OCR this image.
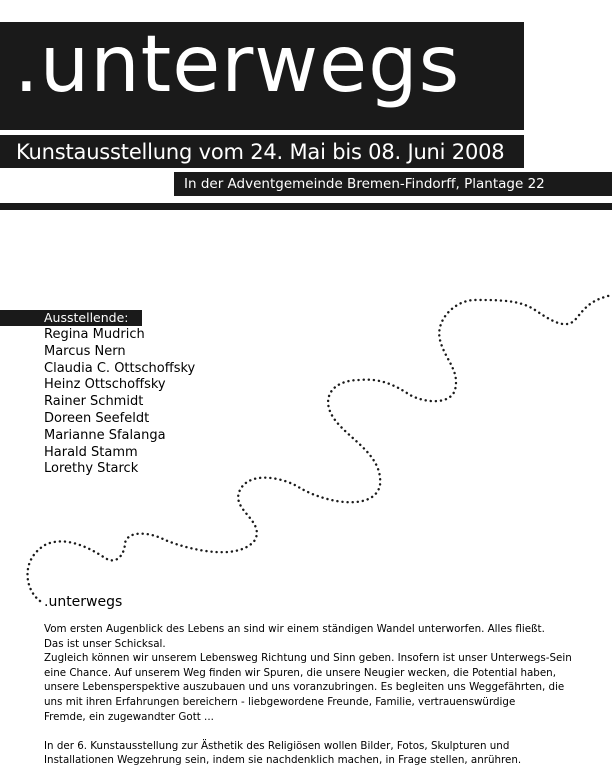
.unterwegs
Kunstausstellung vom 24. Mai bis 08. Juni 2008
In der Adventgemeinde Bremen-Findorff, Plantage 22
Ausstellende:
Regina Mudrich
Marcus Nern
Claudia C. Ottschoffsky
Heinz Ottschoffsky
Rainer Schmidt
Doreen Seefeldt
Marianne Sfalanga
Harald Stamm
Lorethy Starck
.unterwegs

Vom ersten Augenblick des Lebens an sind wir einem ständigen Wandel unterworfen. Alles fließt.

Das ist unser Schicksal.

Zugleich können wir unserem Lebensweg Richtung und Sinn geben. Insofern ist unser Unterwegs-Sein

eine Chance. Auf unserem Weg finden wir Spuren, die unsere Neugier wecken, die Potential haben,

unsere Lebensperspektive auszubauen und uns voranzubringen. Es begleiten uns Weggefährten, die

uns mit ihren Erfahrungen bereichern - liebgewordene Freunde, Familie, vertrauenswürdige

Fremde, ein zugewandter Gott ...

In der 6. Kunstausstellung zur Ästhetik des Religiösen wollen Bilder, Fotos, Skulpturen und

Installationen Wegzehrung sein, indem sie nachdenklich machen, in Frage stellen, anrühren.
